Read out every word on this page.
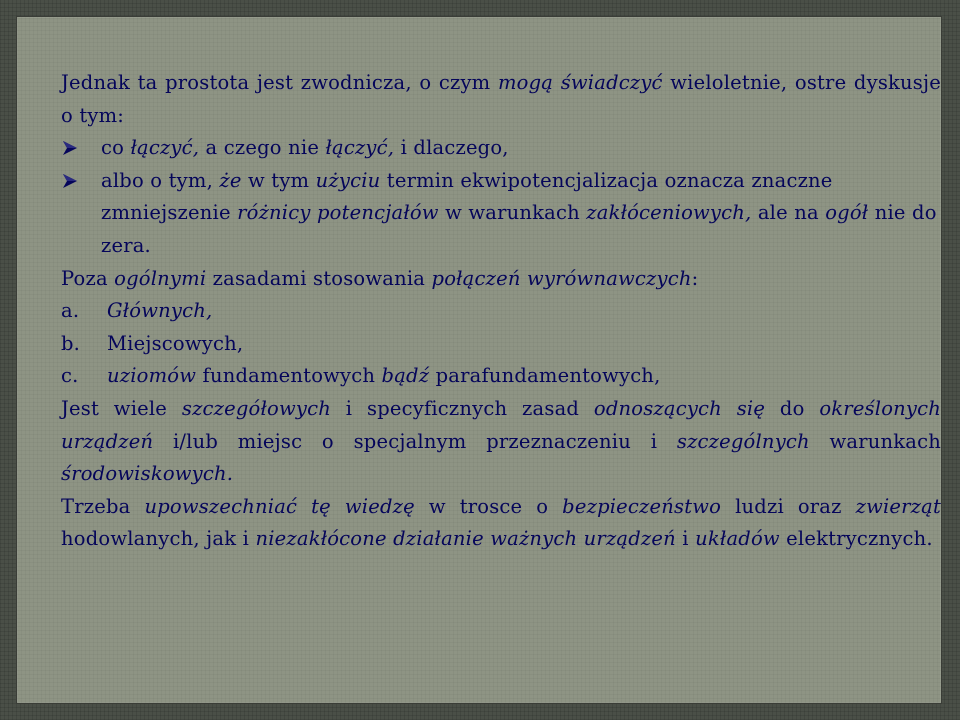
Jednak ta prostota jest zwodnicza, o czym mogą świadczyć wieloletnie, ostre dyskusje o tym:

co łączyć, a czego nie łączyć, i dlaczego,
albo o tym, że w tym użyciu termin ekwipotencjalizacja oznacza znaczne zmniejszenie różnicy potencjałów w warunkach zakłóceniowych, ale na ogół nie do zera.

Poza ogólnymi zasadami stosowania połączeń wyrównawczych:

a.	Głównych,
b.	Miejscowych,
c.	uziomów fundamentowych bądź parafundamentowych,

Jest wiele szczegółowych i specyficznych zasad odnoszących się do określonych urządzeń i/lub miejsc o specjalnym przeznaczeniu i szczególnych warunkach środowiskowych.

Trzeba upowszechniać tę wiedzę w trosce o bezpieczeństwo ludzi oraz zwierząt hodowlanych, jak i niezakłócone działanie ważnych urządzeń i układów elektrycznych.
